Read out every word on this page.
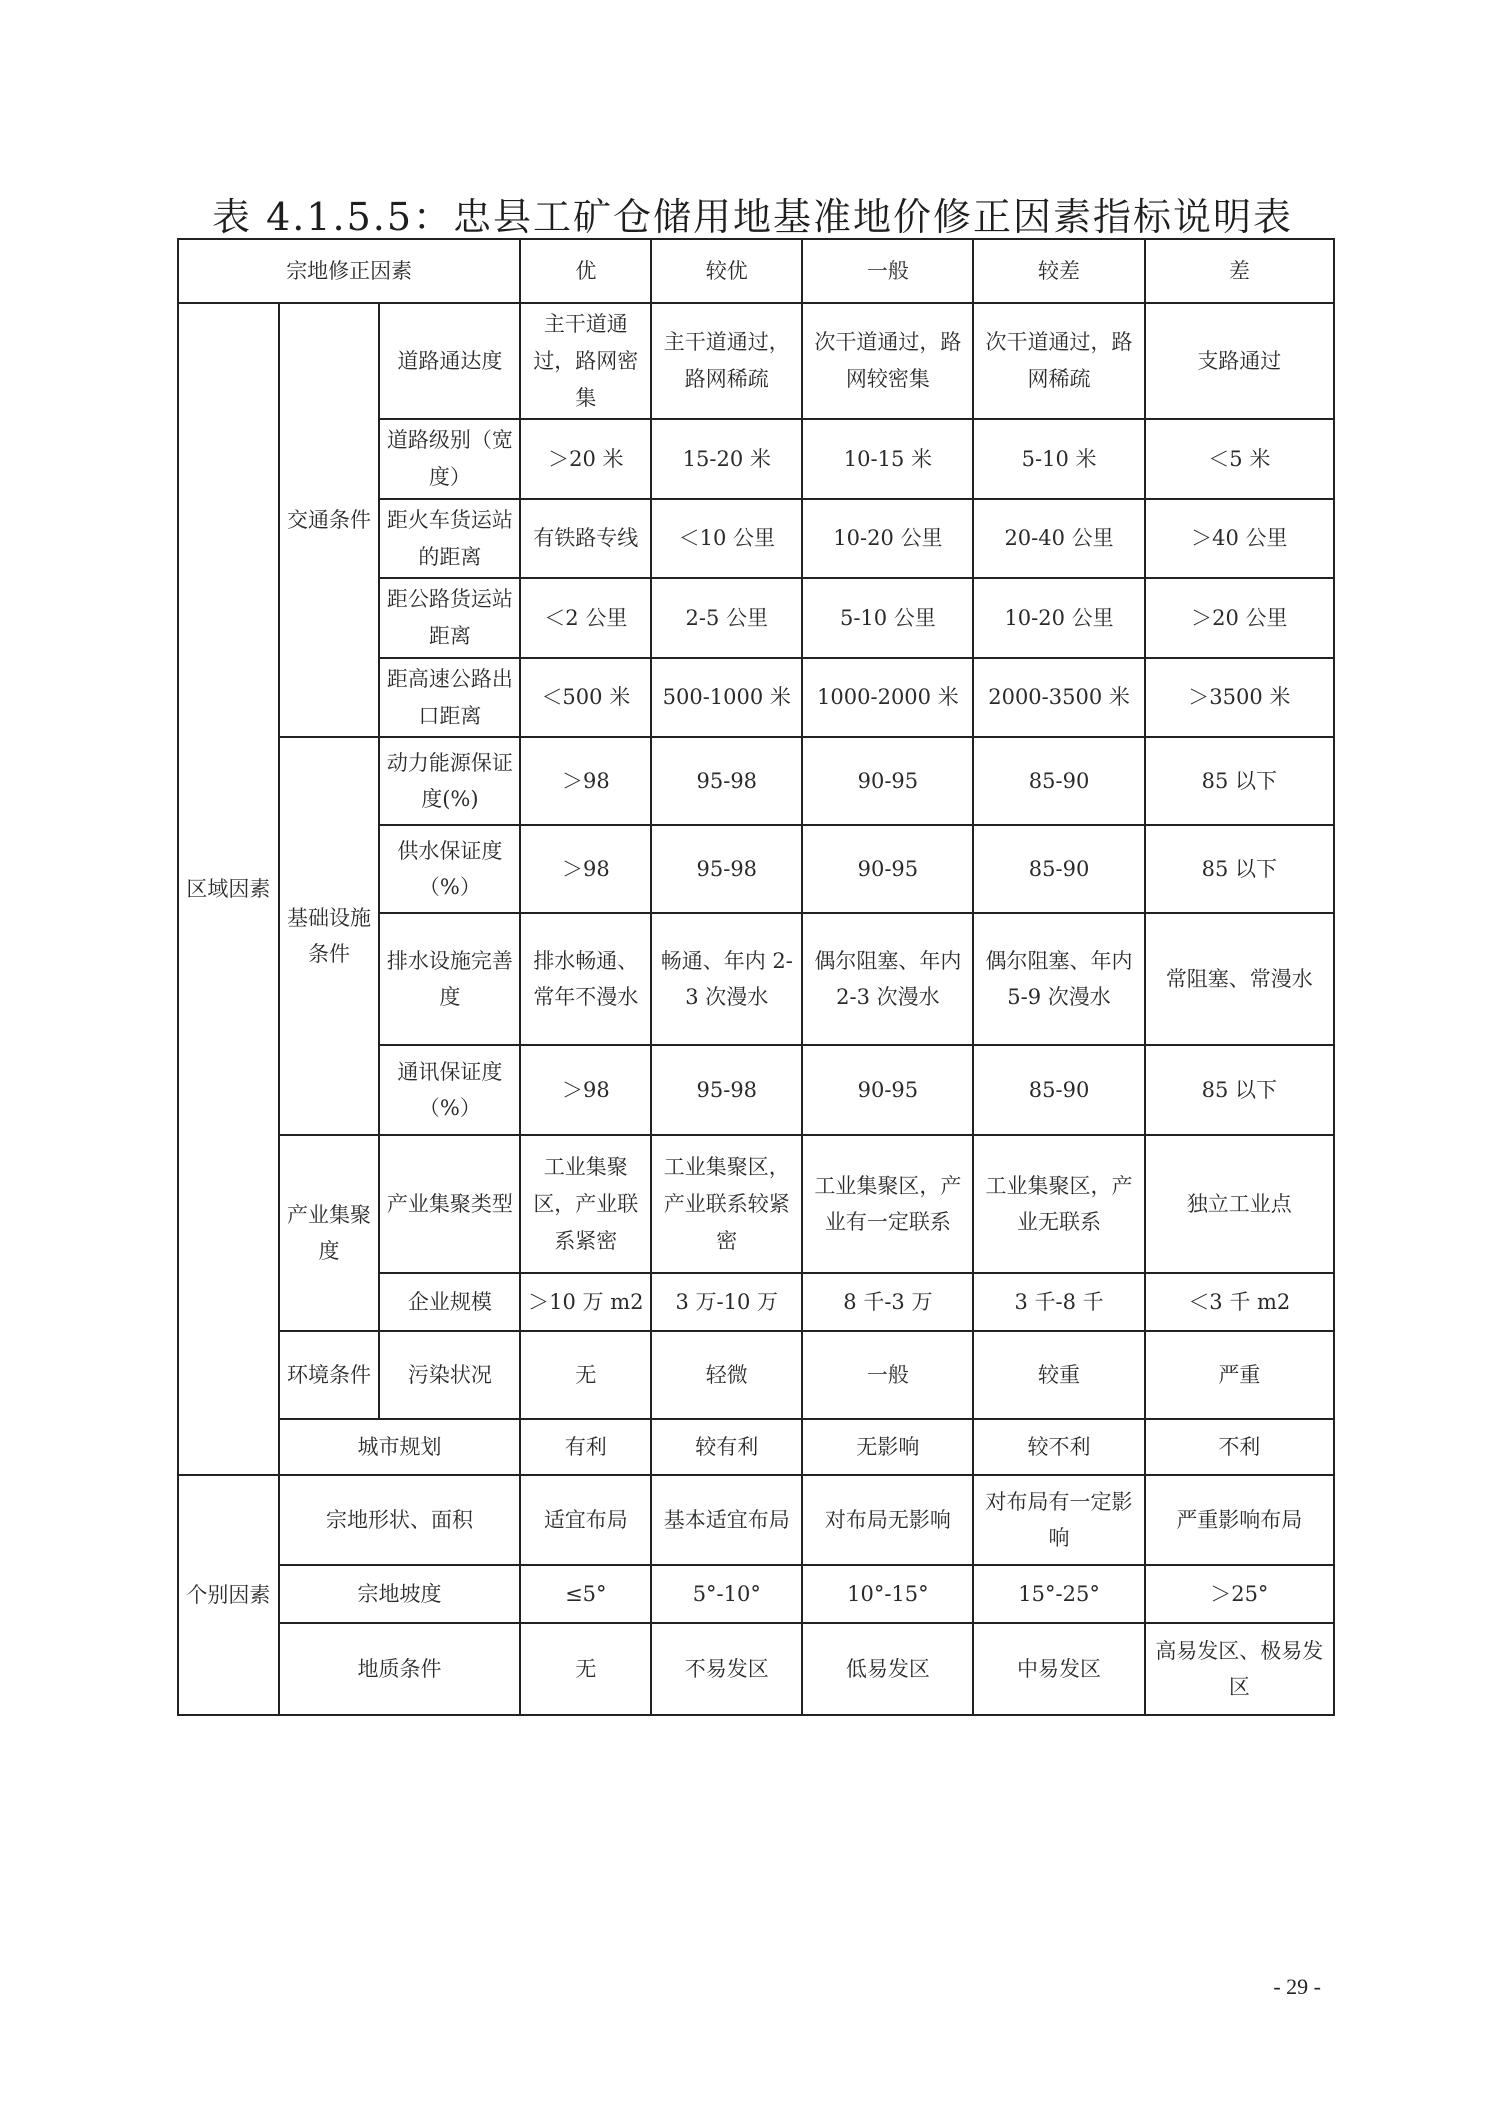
表 4.1.5.5：忠县工矿仓储用地基准地价修正因素指标说明表
宗地修正因素			优	较优	一般	较差	差
区域因素	交通条件	道路通达度	主干道通过，路网密集	主干道通过，路网稀疏	次干道通过，路网较密集	次干道通过，路网稀疏	支路通过
		道路级别（宽度）	＞20 米	15-20 米	10-15 米	5-10 米	＜5 米
		距火车货运站的距离	有铁路专线	＜10 公里	10-20 公里	20-40 公里	＞40 公里
		距公路货运站距离	＜2 公里	2-5 公里	5-10 公里	10-20 公里	＞20 公里
		距高速公路出口距离	＜500 米	500-1000 米	1000-2000 米	2000-3500 米	＞3500 米
	基础设施条件	动力能源保证度(%)	＞98	95-98	90-95	85-90	85 以下
		供水保证度（%）	＞98	95-98	90-95	85-90	85 以下
		排水设施完善度	排水畅通、常年不漫水	畅通、年内 2-3 次漫水	偶尔阻塞、年内 2-3 次漫水	偶尔阻塞、年内 5-9 次漫水	常阻塞、常漫水
		通讯保证度（%）	＞98	95-98	90-95	85-90	85 以下
	产业集聚度	产业集聚类型	工业集聚区，产业联系紧密	工业集聚区，产业联系较紧密	工业集聚区，产业有一定联系	工业集聚区，产业无联系	独立工业点
		企业规模	＞10 万 m2	3 万-10 万	8 千-3 万	3 千-8 千	＜3 千 m2
	环境条件	污染状况	无	轻微	一般	较重	严重
	城市规划		有利	较有利	无影响	较不利	不利
个别因素	宗地形状、面积		适宜布局	基本适宜布局	对布局无影响	对布局有一定影响	严重影响布局
	宗地坡度		≤5°	5°-10°	10°-15°	15°-25°	＞25°
	地质条件		无	不易发区	低易发区	中易发区	高易发区、极易发区
- 29 -
